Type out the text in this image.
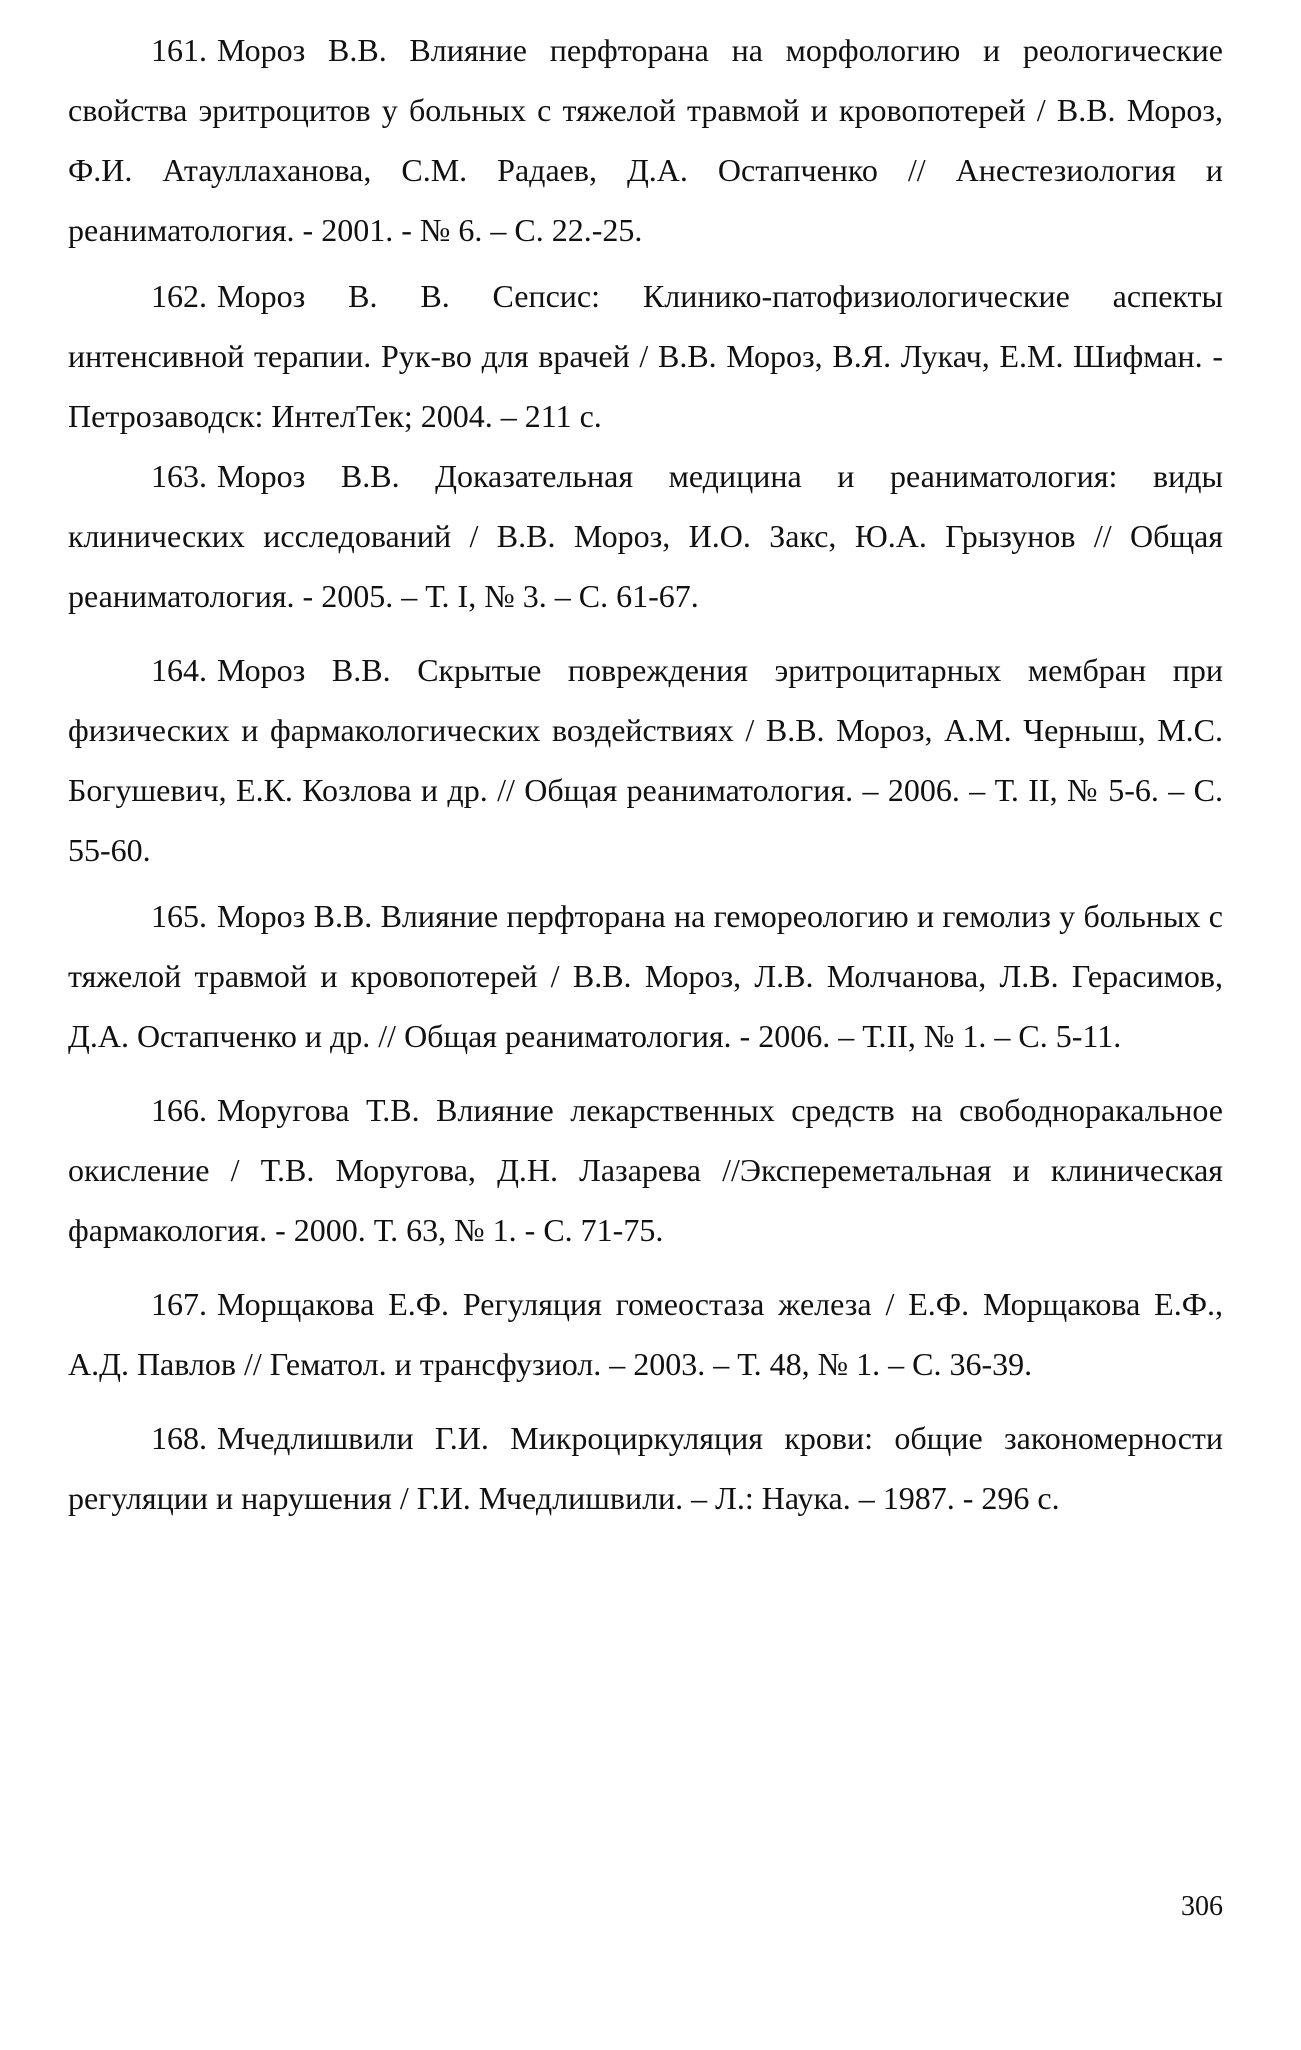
161. Мороз В.В. Влияние перфторана на морфологию и реологические свойства эритроцитов у больных с тяжелой травмой и кровопотерей / В.В. Мороз, Ф.И. Атауллаханова, С.М. Радаев, Д.А. Остапченко // Анестезиология и реаниматология. - 2001. - № 6. – С. 22.-25.
162. Мороз В. В. Сепсис: Клинико-патофизиологические аспекты интенсивной терапии. Рук-во для врачей / В.В. Мороз, В.Я. Лукач, Е.М. Шифман. - Петрозаводск: ИнтелТек; 2004. – 211 с.
163. Мороз В.В. Доказательная медицина и реаниматология: виды клинических исследований / В.В. Мороз, И.О. Закс, Ю.А. Грызунов // Общая реаниматология. - 2005. – Т. I, № 3. – С. 61-67.
164. Мороз В.В. Скрытые повреждения эритроцитарных мембран при физических и фармакологических воздействиях / В.В. Мороз, А.М. Черныш, М.С. Богушевич, Е.К. Козлова и др. // Общая реаниматология. – 2006. – Т. II, № 5-6. – С. 55-60.
165. Мороз В.В. Влияние перфторана на гемореологию и гемолиз у больных с тяжелой травмой и кровопотерей / В.В. Мороз, Л.В. Молчанова, Л.В. Герасимов, Д.А. Остапченко и др. // Общая реаниматология. - 2006. – Т.II, № 1. – С. 5-11.
166. Моругова Т.В. Влияние лекарственных средств на свободноракальное окисление / Т.В. Моругова, Д.Н. Лазарева //Экспереметальная и клиническая фармакология. - 2000. Т. 63, № 1. - С. 71-75.
167. Морщакова Е.Ф. Регуляция гомеостаза железа / Е.Ф. Морщакова Е.Ф., А.Д. Павлов // Гематол. и трансфузиол. – 2003. – Т. 48, № 1. – С. 36-39.
168. Мчедлишвили Г.И. Микроциркуляция крови: общие закономерности регуляции и нарушения / Г.И. Мчедлишвили. – Л.: Наука. – 1987. - 296 с.
306
